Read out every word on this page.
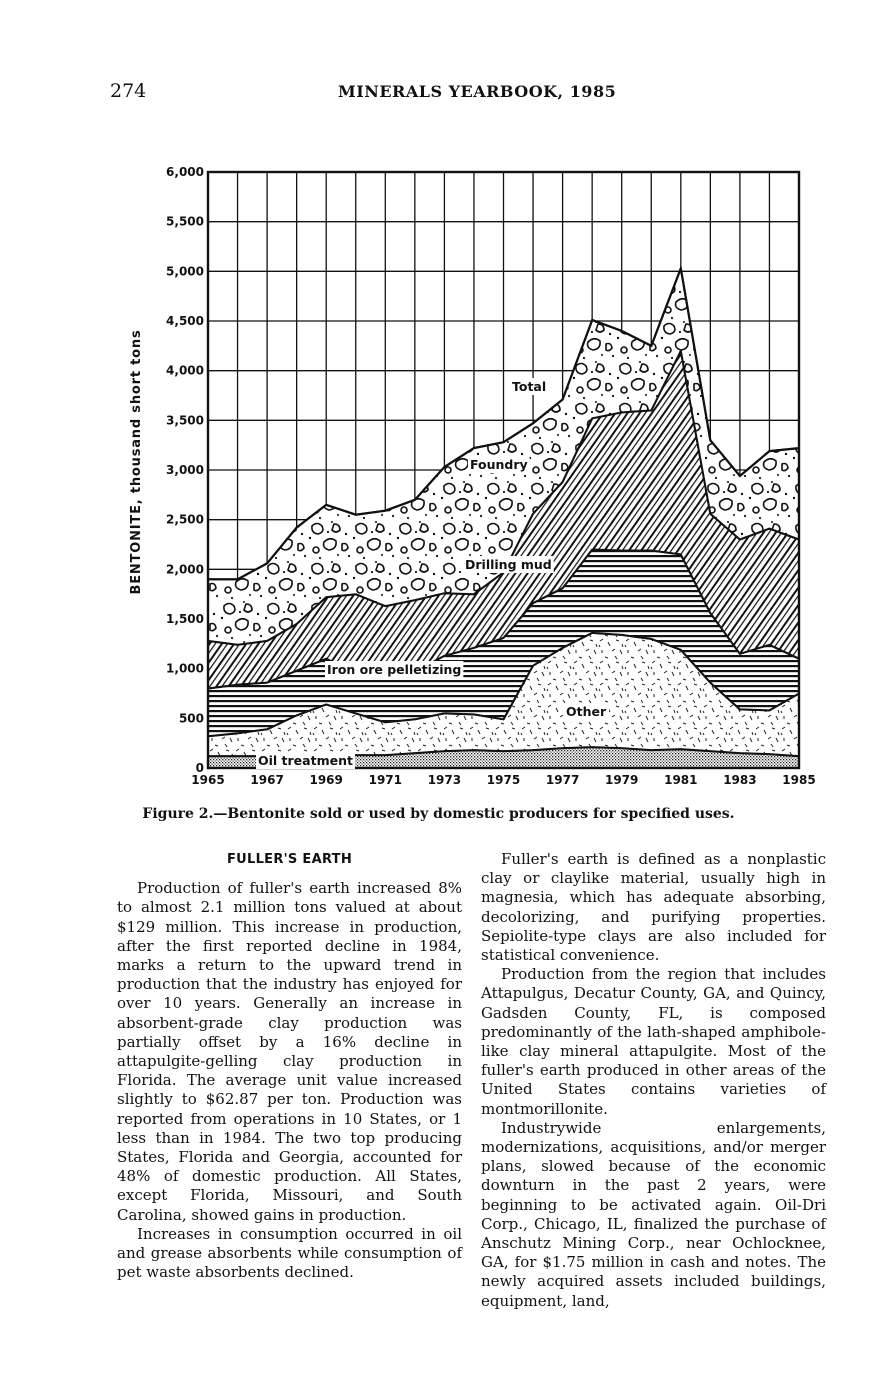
274	MINERALS YEARBOOK, 1985
0
500
1,000
1,500
2,000
2,500
3,000
3,500
4,000
4,500
5,000
5,500
6,000
1965 1967 1969 1971 1973 1975 1977 1979 1981 1983 1985
Total
Foundry
Drilling mud
Iron ore pelletizing
Other
Oil treatment
BENTONITE, thousand short tons
Figure 2.—Bentonite sold or used by domestic producers for specified uses.
FULLER'S EARTH

Production of fuller's earth increased 8% to almost 2.1 million tons valued at about $129 million. This increase in production, after the first reported decline in 1984, marks a return to the upward trend in production that the industry has enjoyed for over 10 years. Generally an increase in absorbent-grade clay production was partially offset by a 16% decline in attapulgite-gelling clay production in Florida. The average unit value increased slightly to $62.87 per ton. Production was reported from operations in 10 States, or 1 less than in 1984. The two top producing States, Florida and Georgia, accounted for 48% of domestic production. All States, except Florida, Missouri, and South Carolina, showed gains in production.

Increases in consumption occurred in oil and grease absorbents while consumption of pet waste absorbents declined.

Fuller's earth is defined as a nonplastic clay or claylike material, usually high in magnesia, which has adequate absorbing, decolorizing, and purifying properties. Sepiolite-type clays are also included for statistical convenience.

Production from the region that includes Attapulgus, Decatur County, GA, and Quincy, Gadsden County, FL, is composed predominantly of the lath-shaped amphibole-like clay mineral attapulgite. Most of the fuller's earth produced in other areas of the United States contains varieties of montmorillonite.

Industrywide enlargements, modernizations, acquisitions, and/or merger plans, slowed because of the economic downturn in the past 2 years, were beginning to be activated again. Oil-Dri Corp., Chicago, IL, finalized the purchase of Anschutz Mining Corp., near Ochlocknee, GA, for $1.75 million in cash and notes. The newly acquired assets included buildings, equipment, land,
